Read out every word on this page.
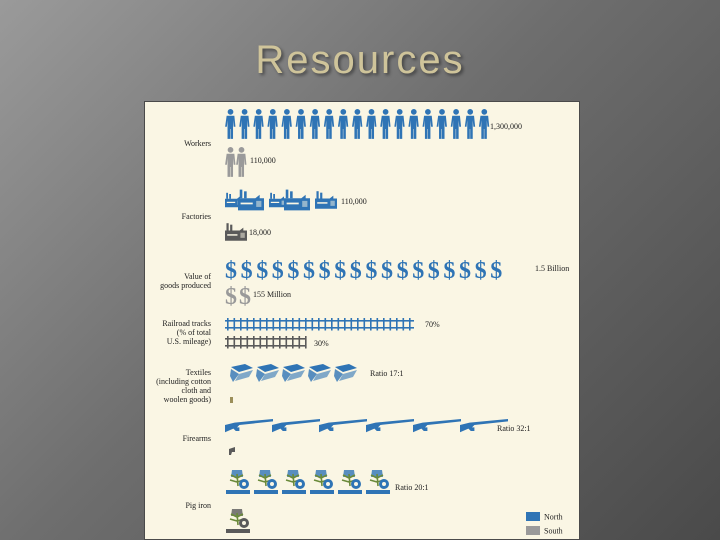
Resources
Workers
1,300,000
110,000
Factories
110,000
18,000
Value of
goods produced
$ $ $ $ $ $ $ $ $ $ $ $ $ $ $ $ $ $	1.5 Billion
$ $ 155 Million
Railroad tracks
(% of total
U.S. mileage)
70%
30%
Textiles
(including cotton
cloth and
woolen goods)
Ratio 17:1
Firearms
Ratio 32:1
Pig iron
Ratio 20:1
North
South
